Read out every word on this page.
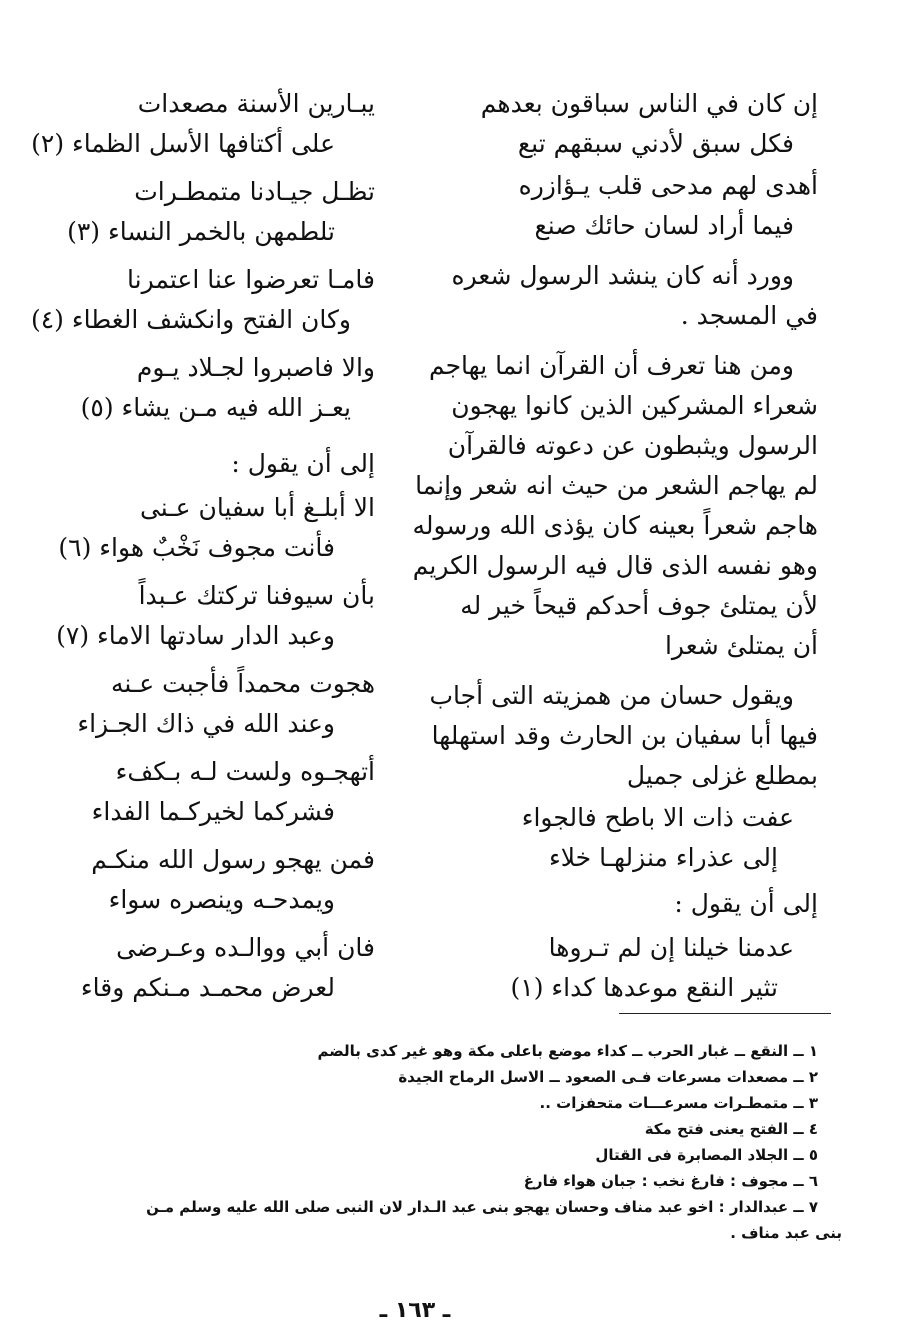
إن كان في الناس سباقون بعدهم
فكل سبق لأدني سبقهم تبع
أهدى لهم مدحى قلب يـؤازره
فيما أراد لسان حائك صنع
وورد أنه كان ينشد الرسول شعره
في المسجد .
ومن هنا تعرف أن القرآن انما يهاجم
شعراء المشركين الذين كانوا يهجون
الرسول ويثبطون عن دعوته فالقرآن
لم يهاجم الشعر من حيث انه شعر وإنما
هاجم شعراً بعينه كان يؤذى الله ورسوله
وهو نفسه الذى قال فيه الرسول الكريم
لأن يمتلئ جوف أحدكم قيحاً خير له
أن يمتلئ شعرا
ويقول حسان من همزيته التى أجاب
فيها أبا سفيان بن الحارث وقد استهلها
بمطلع غزلى جميل
عفت ذات الا باطح فالجواء
إلى عذراء منزلهـا خلاء
إلى أن يقول :
عدمنا خيلنا إن لم تـروها
تثير النقع موعدها كداء (١)
يبـارين الأسنة مصعدات
على أكتافها الأسل الظماء (٢)
تظـل جيـادنا متمطـرات
تلطمهن بالخمر النساء (٣)
فامـا تعرضوا عنا اعتمرنا
وكان الفتح وانكشف الغطاء (٤)
والا فاصبروا لجـلاد يـوم
يعـز الله فيه مـن يشاء (٥)
إلى أن يقول :
الا أبلـغ أبا سفيان عـنى
فأنت مجوف نَخْبٌ هواء (٦)
بأن سيوفنا تركتك عـبداً
وعبد الدار سادتها الاماء (٧)
هجوت محمداً فأجبت عـنه
وعند الله في ذاك الجـزاء
أتهجـوه ولست لـه بـكفء
فشركما لخيركـما الفداء
فمن يهجو رسول الله منكـم
ويمدحـه وينصره سواء
فان أبي ووالـده وعـرضى
لعرض محمـد مـنكم وقاء
١ ــ النقع ــ غبار الحرب ــ كداء موضع باعلى مكة وهو غير كدى بالضم
٢ ــ مصعدات مسرعات فـى الصعود ــ الاسل الرماح الجيدة
٣ ــ متمطـرات مسرعـــات متحفزات ..
٤ ــ الفتح يعنى فتح مكة
٥ ــ الجلاد المصابرة فى القتال
٦ ــ مجوف : فارغ نخب : جبان هواء فارغ
٧ ــ عبدالدار : اخو عبد مناف وحسان يهجو بنى عبد الـدار لان النبى صلى الله عليه وسلم مـن
بنى عبد مناف .
ـ ١٦٣ ـ
